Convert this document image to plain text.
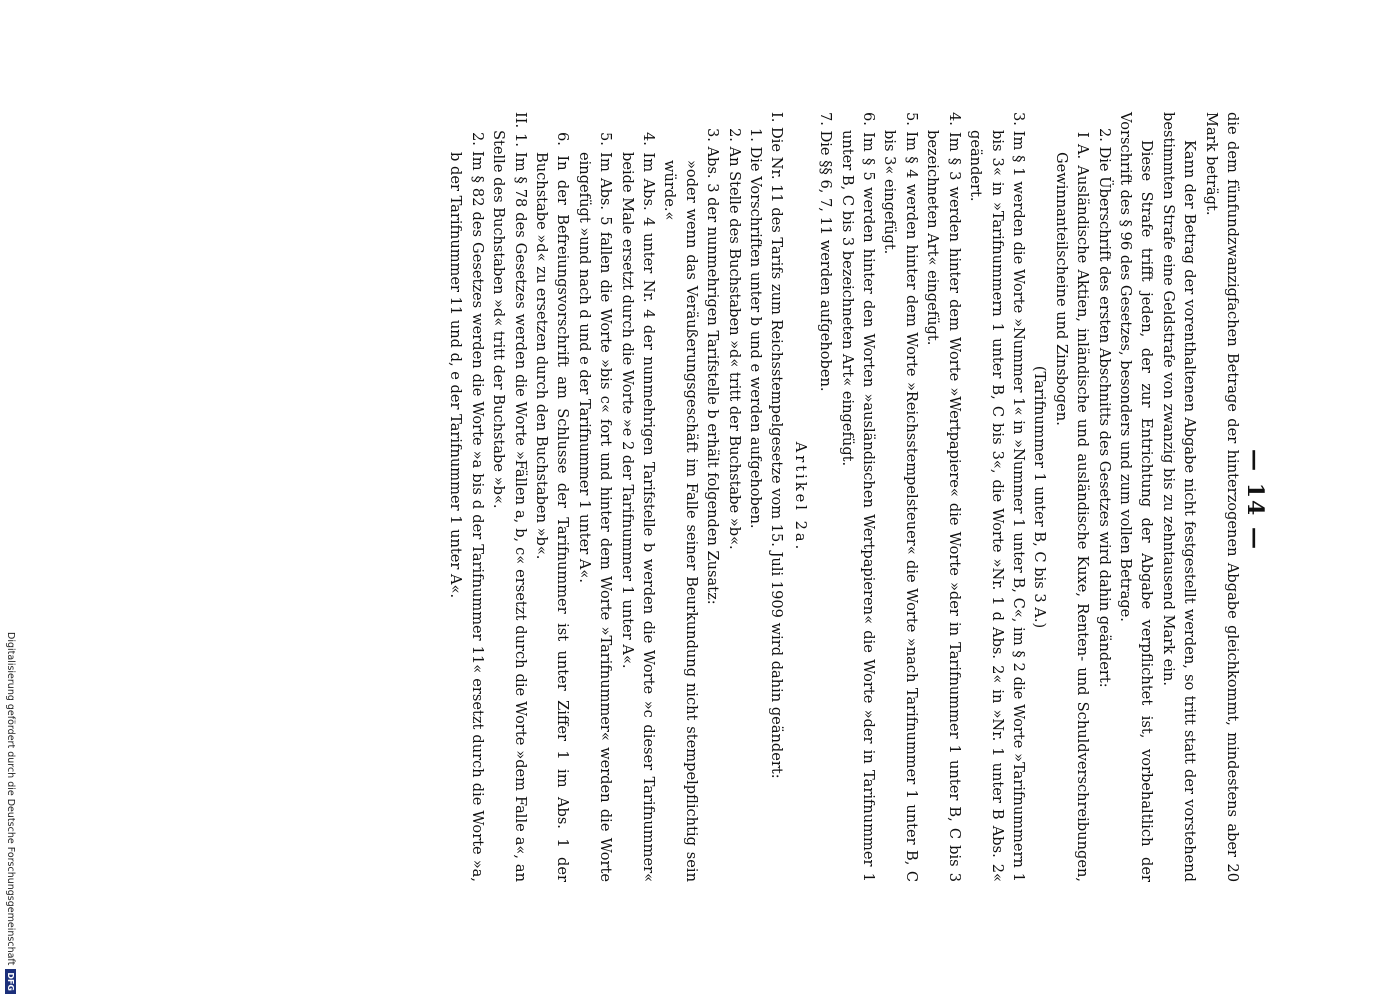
— 14 —

die dem fünfundzwanzigfachen Betrage der hinterzogenen Abgabe gleichkommt, mindestens aber 20 Mark beträgt.

Kann der Betrag der vorenthaltenen Abgabe nicht festgestellt werden, so tritt statt der vorstehend bestimmten Strafe eine Geldstrafe von zwanzig bis zu zehntausend Mark ein.

Diese Strafe trifft jeden, der zur Entrichtung der Abgabe verpflichtet ist, vorbehaltlich der Vorschrift des § 96 des Gesetzes, besonders und zum vollen Betrage.

2. Die Überschrift des ersten Abschnitts des Gesetzes wird dahin geändert:

I A. Ausländische Aktien, inländische und ausländische Kuxe, Renten- und Schuldverschreibungen, Gewinnanteilscheine und Zinsbogen.

(Tarifnummer 1 unter B, C bis 3 A.)

3. Im § 1 werden die Worte »Nummer 1« in »Nummer 1 unter B, C«, im § 2 die Worte »Tarifnummern 1 bis 3« in »Tarifnummern 1 unter B, C bis 3«, die Worte »Nr. 1 d Abs. 2« in »Nr. 1 unter B Abs. 2« geändert.

4. Im § 3 werden hinter dem Worte »Wertpapiere« die Worte »der in Tarifnummer 1 unter B, C bis 3 bezeichneten Art« eingefügt.

5. Im § 4 werden hinter dem Worte »Reichsstempelsteuer« die Worte »nach Tarifnummer 1 unter B, C bis 3« eingefügt.

6. Im § 5 werden hinter den Worten »ausländischen Wertpapieren« die Worte »der in Tarifnummer 1 unter B, C bis 3 bezeichneten Art« eingefügt.

7. Die §§ 6, 7, 11 werden aufgehoben.

Artikel 2a.

I. Die Nr. 11 des Tarifs zum Reichsstempelgesetze vom 15. Juli 1909 wird dahin geändert:

1. Die Vorschriften unter b und e werden aufgehoben.

2. An Stelle des Buchstaben »d« tritt der Buchstabe »b«.

3. Abs. 3 der nunmehrigen Tarifstelle b erhält folgenden Zusatz:

»oder wenn das Veräußerungsgeschäft im Falle seiner Beurkundung nicht stempelpflichtig sein würde.«

4. Im Abs. 4 unter Nr. 4 der nunmehrigen Tarifstelle b werden die Worte »c dieser Tarifnummer« beide Male ersetzt durch die Worte »e 2 der Tarifnummer 1 unter A«.

5. Im Abs. 5 fallen die Worte »bis c« fort und hinter dem Worte »Tarifnummer« werden die Worte eingefügt »und nach d und e der Tarifnummer 1 unter A«.

6. In der Befreiungsvorschrift am Schlusse der Tarifnummer ist unter Ziffer 1 im Abs. 1 der Buchstabe »d« zu ersetzen durch den Buchstaben »b«.

II. 1. Im § 78 des Gesetzes werden die Worte »Fällen a, b, c« ersetzt durch die Worte »dem Falle a«, an Stelle des Buchstaben »d« tritt der Buchstabe »b«.

2. Im § 82 des Gesetzes werden die Worte »a bis d der Tarifnummer 11« ersetzt durch die Worte »a, b der Tarifnummer 11 und d, e der Tarifnummer 1 unter A«.

Digitalisierung gefördert durch die Deutsche Forschungsgemeinschaft
DFG
